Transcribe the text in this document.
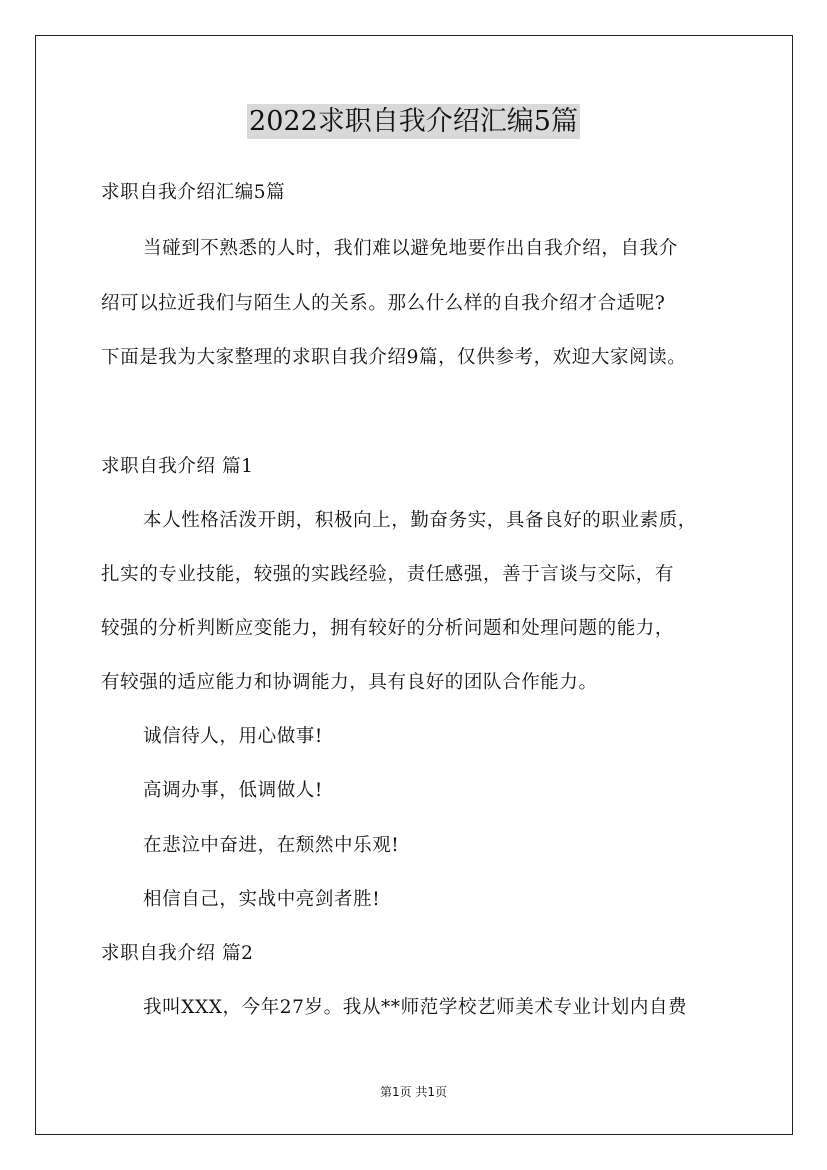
2022求职自我介绍汇编5篇
求职自我介绍汇编5篇
当碰到不熟悉的人时，我们难以避免地要作出自我介绍，自我介
绍可以拉近我们与陌生人的关系。那么什么样的自我介绍才合适呢?
下面是我为大家整理的求职自我介绍9篇，仅供参考，欢迎大家阅读。
求职自我介绍 篇1
本人性格活泼开朗，积极向上，勤奋务实，具备良好的职业素质，
扎实的专业技能，较强的实践经验，责任感强，善于言谈与交际，有
较强的分析判断应变能力，拥有较好的分析问题和处理问题的能力，
有较强的适应能力和协调能力，具有良好的团队合作能力。
诚信待人，用心做事!
高调办事，低调做人!
在悲泣中奋进，在颓然中乐观!
相信自己，实战中亮剑者胜!
求职自我介绍 篇2
我叫XXX，今年27岁。我从**师范学校艺师美术专业计划内自费
第1页 共1页
